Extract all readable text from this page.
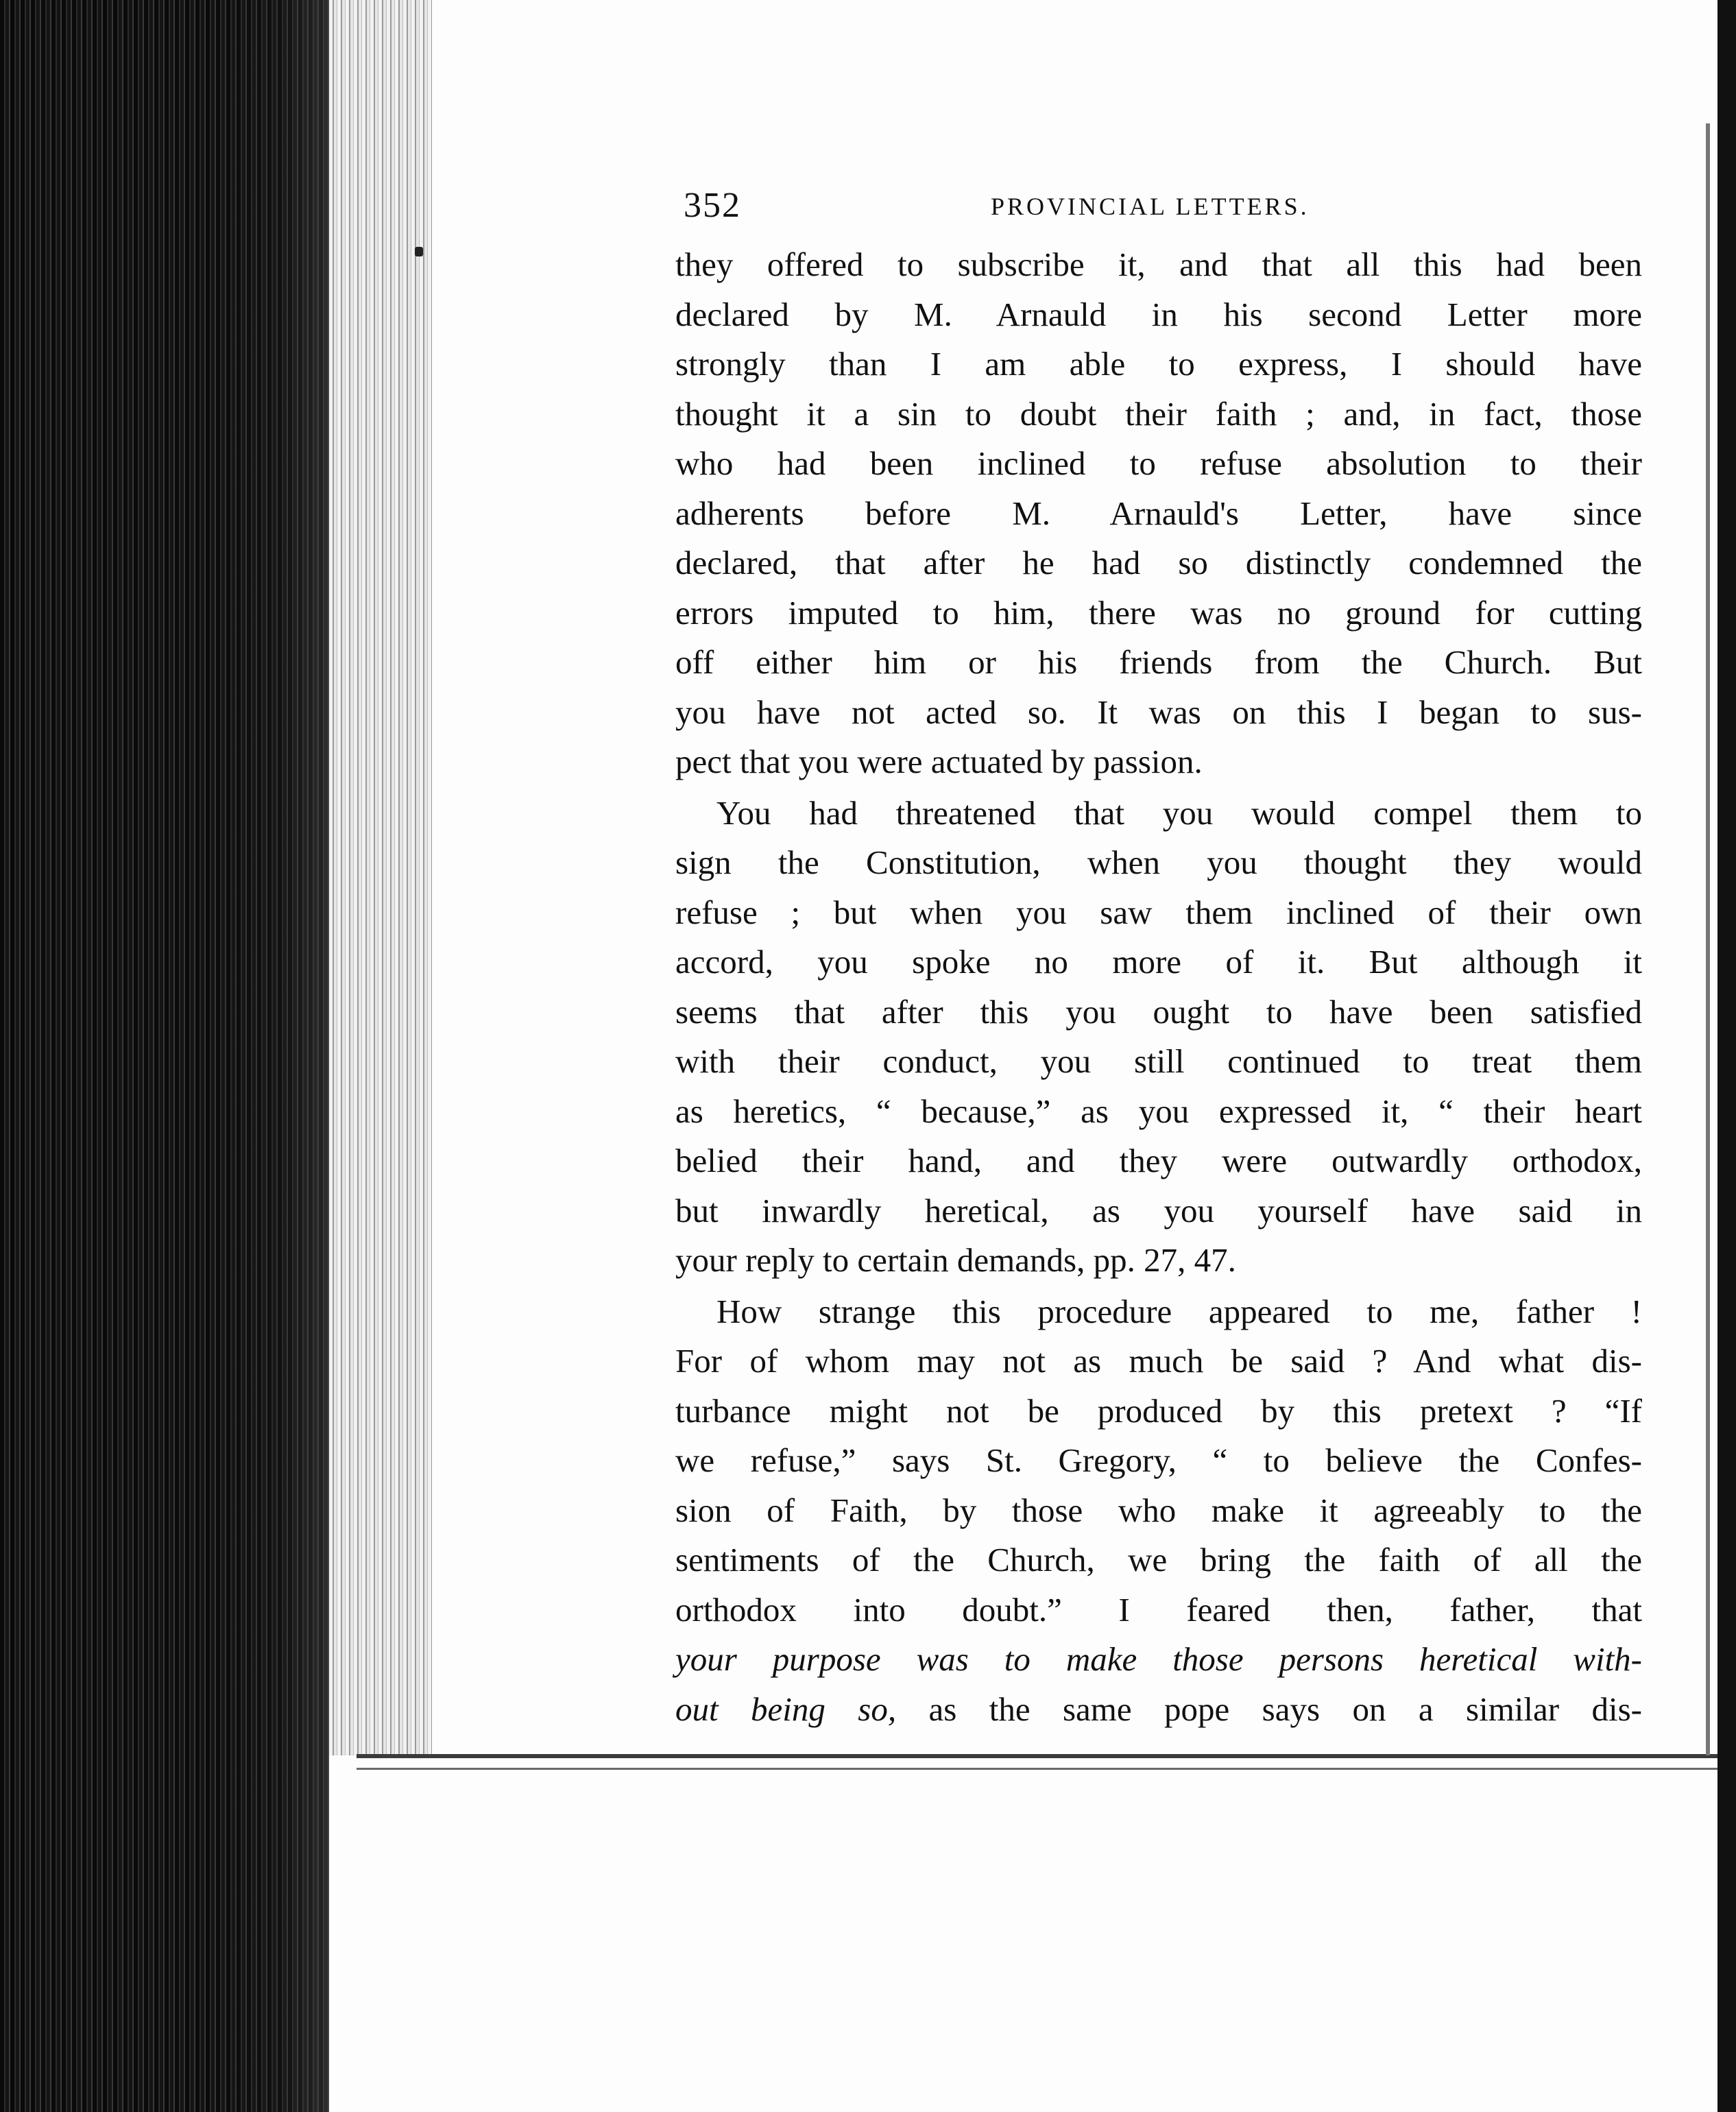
352	PROVINCIAL LETTERS.
they offered to subscribe it, and that all this had been
declared by M. Arnauld in his second Letter more
strongly than I am able to express, I should have
thought it a sin to doubt their faith ; and, in fact, those
who had been inclined to refuse absolution to their
adherents before M. Arnauld's Letter, have since
declared, that after he had so distinctly condemned the
errors imputed to him, there was no ground for cutting
off either him or his friends from the Church. But
you have not acted so. It was on this I began to sus-
pect that you were actuated by passion.
You had threatened that you would compel them to
sign the Constitution, when you thought they would
refuse ; but when you saw them inclined of their own
accord, you spoke no more of it. But although it
seems that after this you ought to have been satisfied
with their conduct, you still continued to treat them
as heretics, “ because,” as you expressed it, “ their heart
belied their hand, and they were outwardly orthodox,
but inwardly heretical, as you yourself have said in
your reply to certain demands, pp. 27, 47.
How strange this procedure appeared to me, father !
For of whom may not as much be said ? And what dis-
turbance might not be produced by this pretext ? “If
we refuse,” says St. Gregory, “ to believe the Confes-
sion of Faith, by those who make it agreeably to the
sentiments of the Church, we bring the faith of all the
orthodox into doubt.” I feared then, father, that
your purpose was to make those persons heretical with-
out being so, as the same pope says on a similar dis-
